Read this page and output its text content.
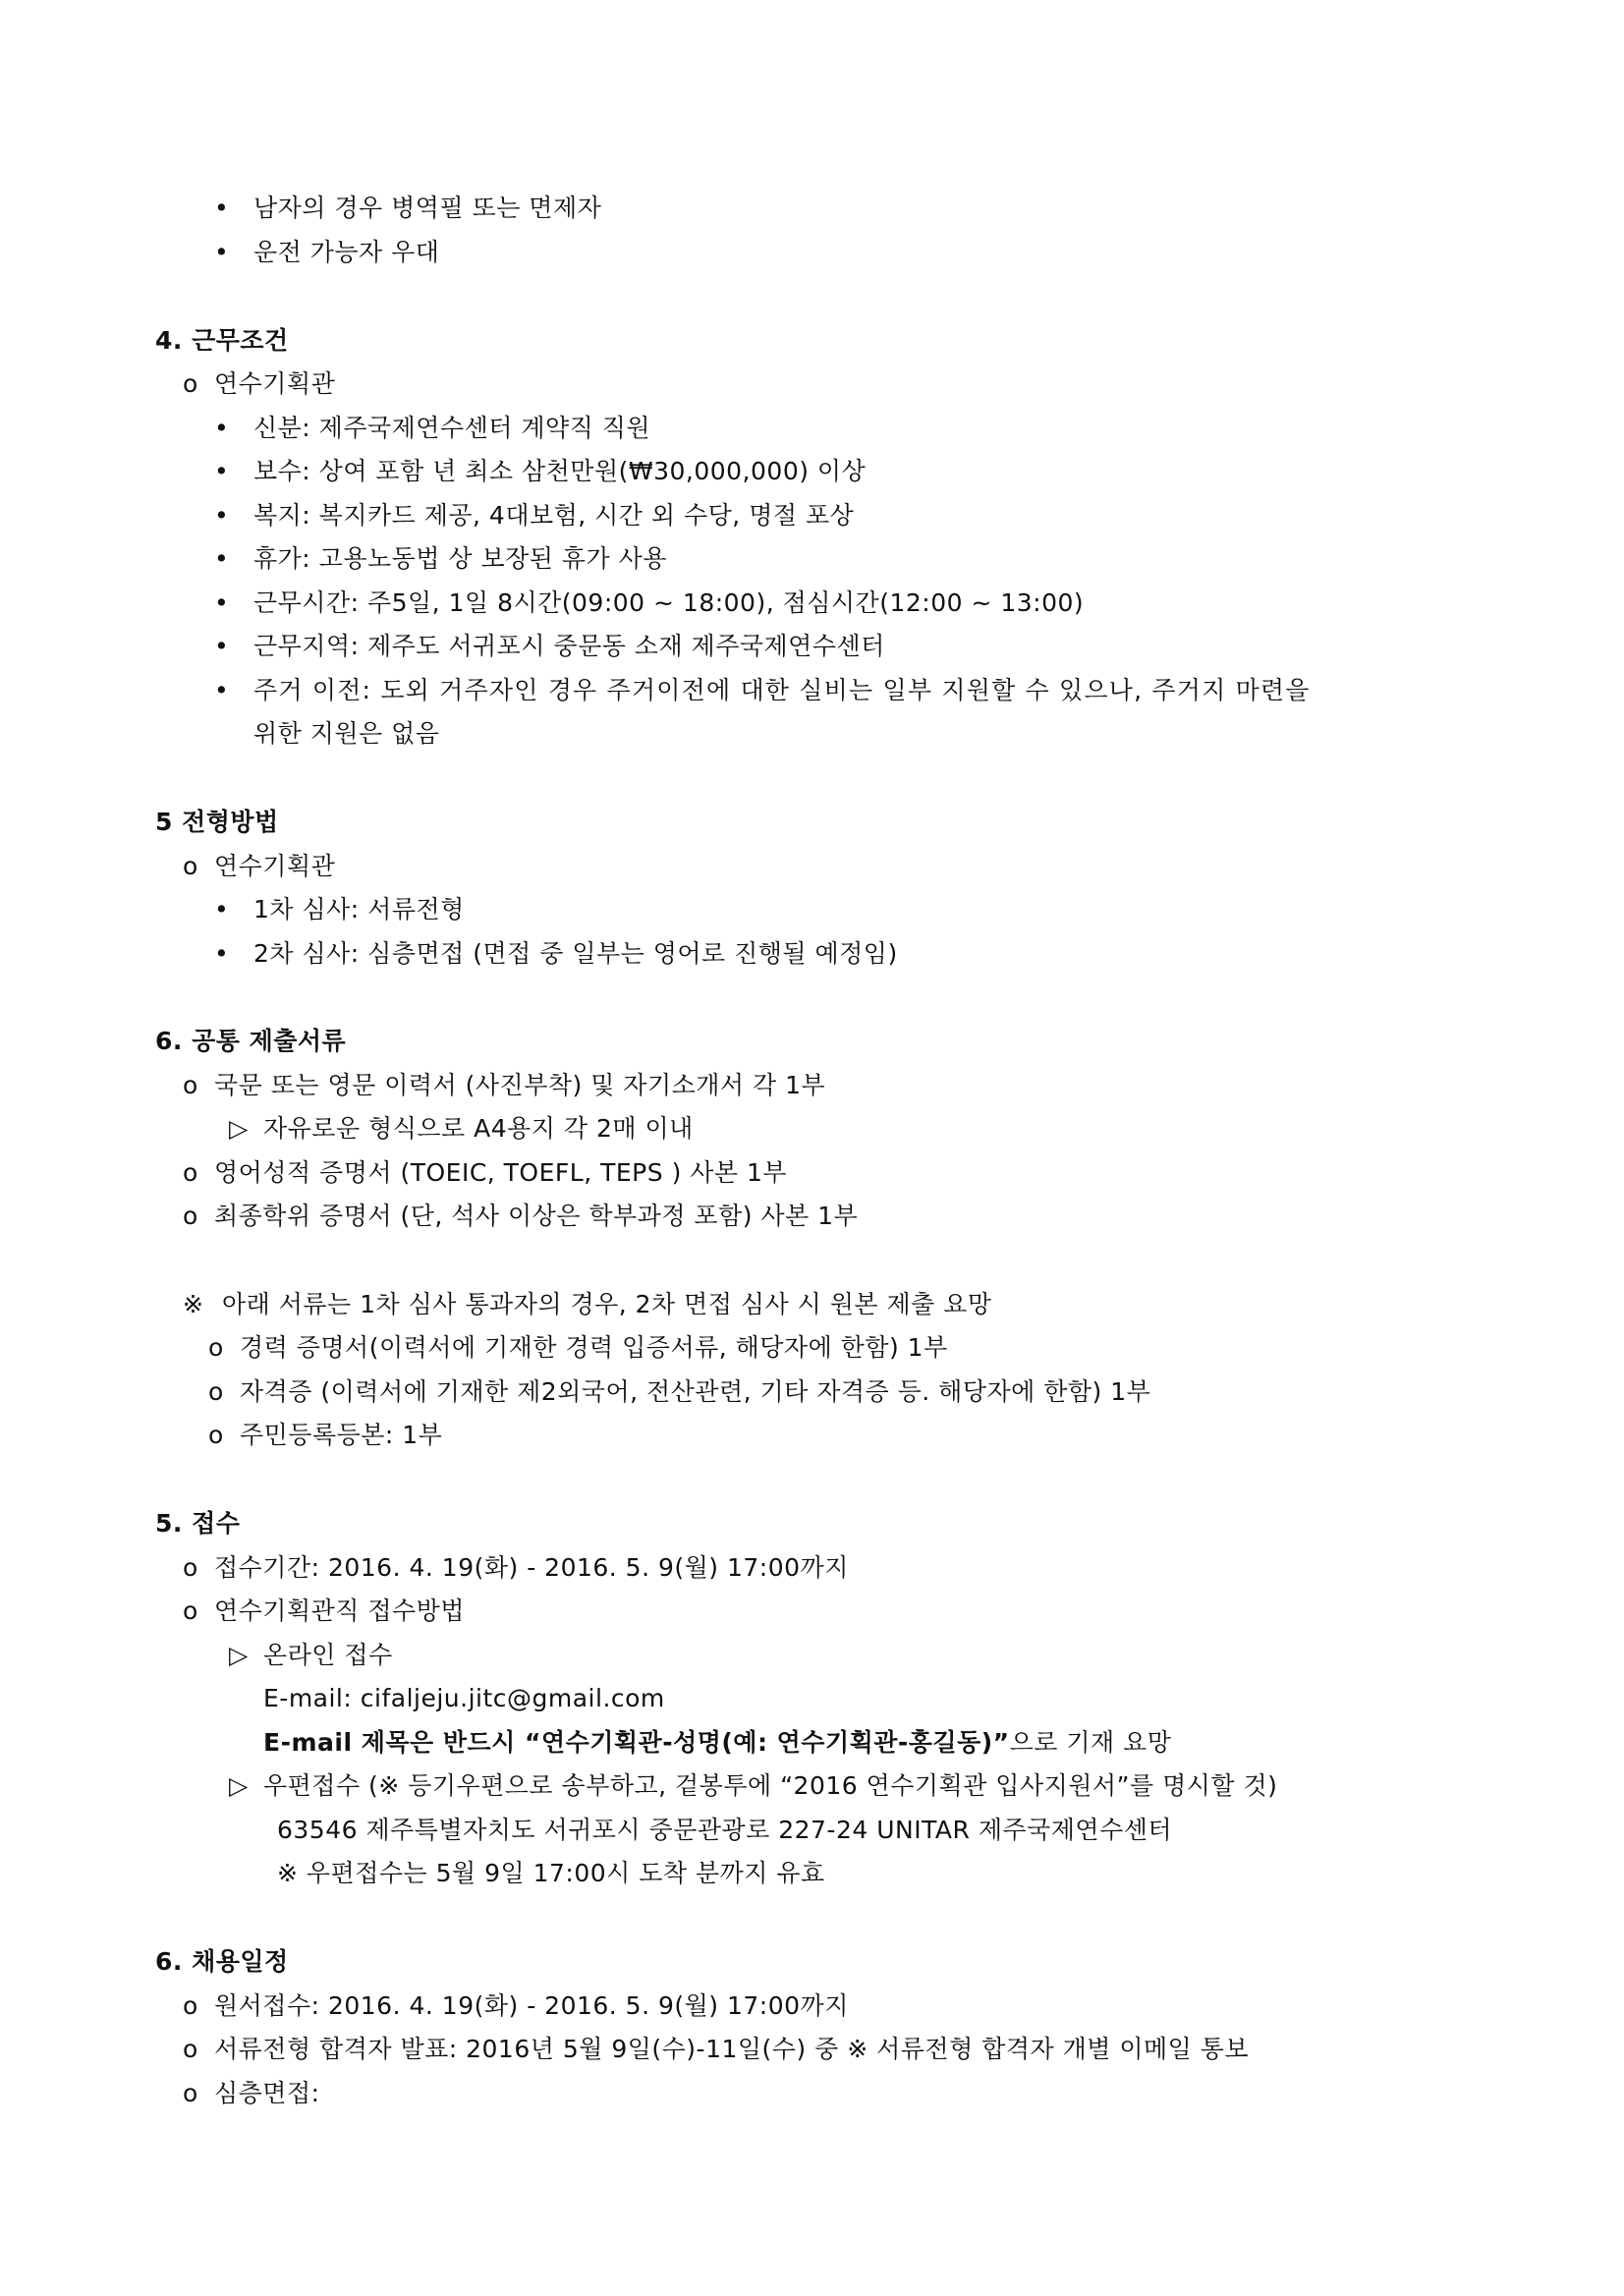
• 남자의 경우 병역필 또는 면제자
• 운전 가능자 우대
4. 근무조건
o 연수기획관
• 신분: 제주국제연수센터 계약직 직원
• 보수: 상여 포함 년 최소 삼천만원(₩30,000,000) 이상
• 복지: 복지카드 제공, 4대보험, 시간 외 수당, 명절 포상
• 휴가: 고용노동법 상 보장된 휴가 사용
• 근무시간: 주5일, 1일 8시간(09:00 ~ 18:00), 점심시간(12:00 ~ 13:00)
• 근무지역: 제주도 서귀포시 중문동 소재 제주국제연수센터
• 주거 이전: 도외 거주자인 경우 주거이전에 대한 실비는 일부 지원할 수 있으나, 주거지 마련을
위한 지원은 없음
5 전형방법
o 연수기획관
• 1차 심사: 서류전형
• 2차 심사: 심층면접 (면접 중 일부는 영어로 진행될 예정임)
6. 공통 제출서류
o 국문 또는 영문 이력서 (사진부착) 및 자기소개서 각 1부
▷ 자유로운 형식으로 A4용지 각 2매 이내
o 영어성적 증명서 (TOEIC, TOEFL, TEPS ) 사본 1부
o 최종학위 증명서 (단, 석사 이상은 학부과정 포함) 사본 1부
※ 아래 서류는 1차 심사 통과자의 경우, 2차 면접 심사 시 원본 제출 요망
o 경력 증명서(이력서에 기재한 경력 입증서류, 해당자에 한함) 1부
o 자격증 (이력서에 기재한 제2외국어, 전산관련, 기타 자격증 등. 해당자에 한함) 1부
o 주민등록등본: 1부
5. 접수
o 접수기간: 2016. 4. 19(화) - 2016. 5. 9(월) 17:00까지
o 연수기획관직 접수방법
▷ 온라인 접수
E-mail: cifaljeju.jitc@gmail.com
E-mail 제목은 반드시 “연수기획관-성명(예: 연수기획관-홍길동)”으로 기재 요망
▷ 우편접수 (※ 등기우편으로 송부하고, 겉봉투에 “2016 연수기획관 입사지원서”를 명시할 것)
63546 제주특별자치도 서귀포시 중문관광로 227-24 UNITAR 제주국제연수센터
※ 우편접수는 5월 9일 17:00시 도착 분까지 유효
6. 채용일정
o 원서접수: 2016. 4. 19(화) - 2016. 5. 9(월) 17:00까지
o 서류전형 합격자 발표: 2016년 5월 9일(수)-11일(수) 중 ※ 서류전형 합격자 개별 이메일 통보
o 심층면접:
